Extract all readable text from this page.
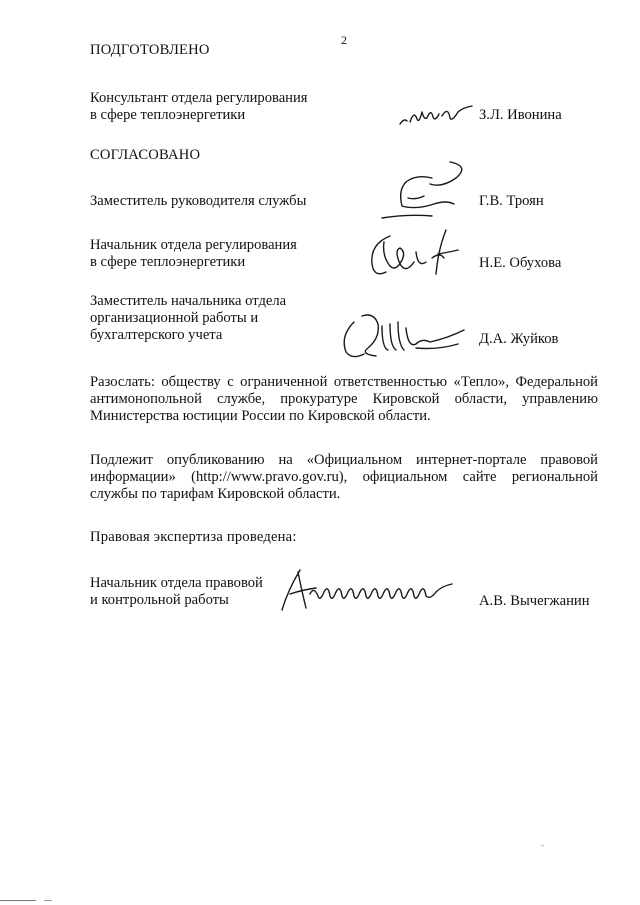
2
ПОДГОТОВЛЕНО
Консультант отдела регулирования
в сфере теплоэнергетики	З.Л. Ивонина
СОГЛАСОВАНО
Заместитель руководителя службы	Г.В. Троян
Начальник отдела регулирования
в сфере теплоэнергетики	Н.Е. Обухова
Заместитель начальника отдела
организационной работы и
бухгалтерского учета	Д.А. Жуйков
Разослать: обществу с ограниченной ответственностью «Тепло», Федеральной антимонопольной службе, прокуратуре Кировской области, управлению Министерства юстиции России по Кировской области.
Подлежит опубликованию на «Официальном интернет-портале правовой информации» (http://www.pravo.gov.ru), официальном сайте региональной службы по тарифам Кировской области.
Правовая экспертиза проведена:
Начальник отдела правовой
и контрольной работы	А.В. Вычегжанин
